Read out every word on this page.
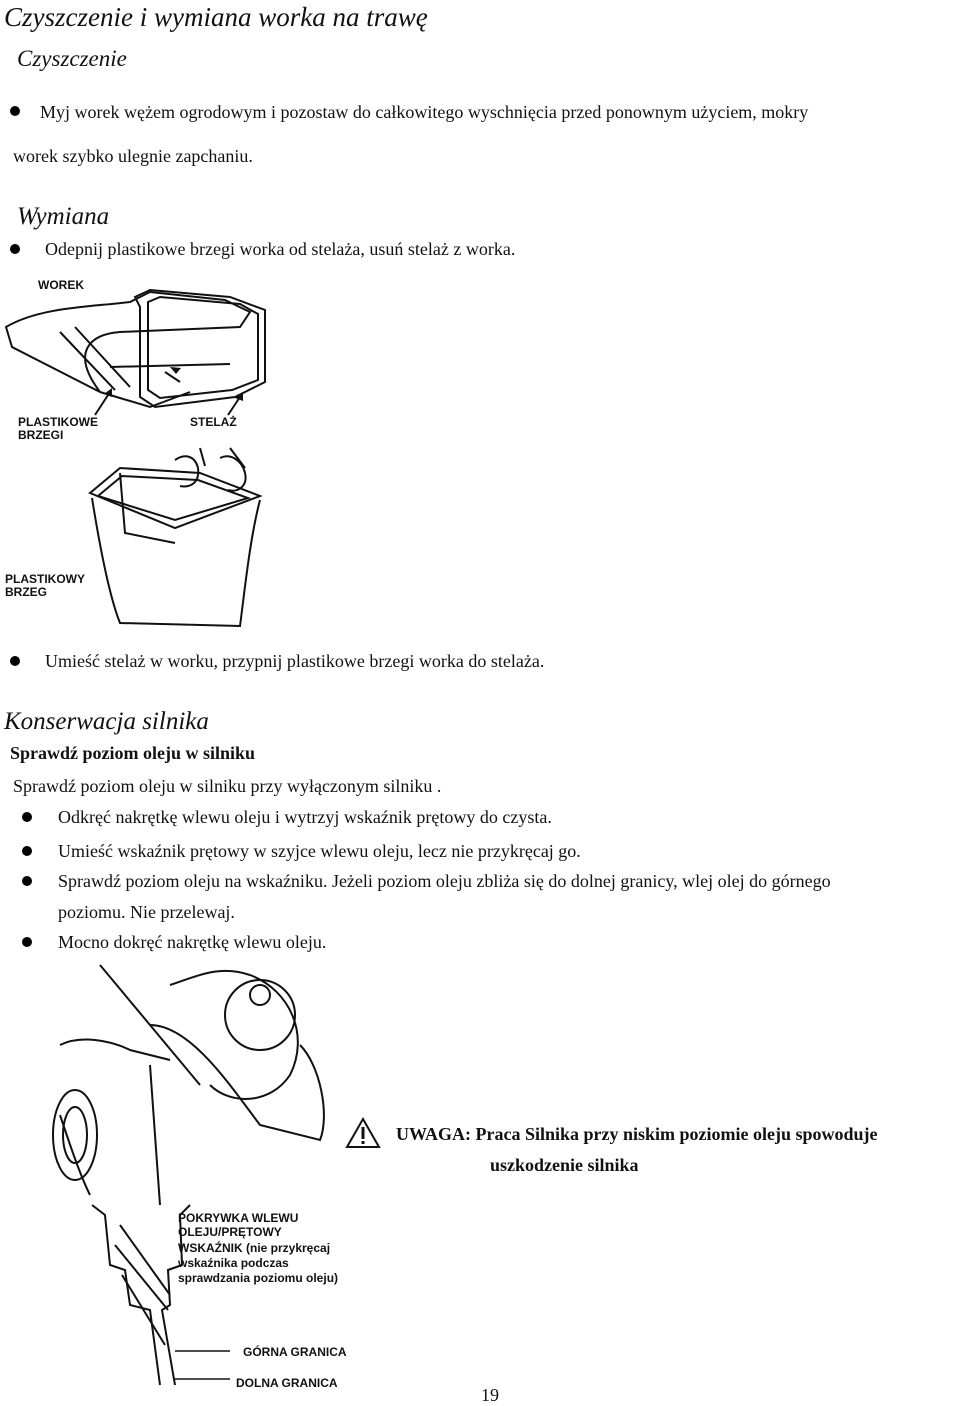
Czyszczenie i wymiana worka na trawę
Czyszczenie
Myj worek wężem ogrodowym i pozostaw do całkowitego wyschnięcia przed ponownym użyciem, mokry
worek szybko ulegnie zapchaniu.
Wymiana
Odepnij plastikowe brzegi worka od stelaża, usuń stelaż z worka.
WOREK
PLASTIKOWE
BRZEGI
STELAŻ
PLASTIKOWY
BRZEG
Umieść stelaż w worku, przypnij plastikowe brzegi worka do stelaża.
Konserwacja silnika
Sprawdź poziom oleju w silniku
Sprawdź poziom oleju w silniku przy wyłączonym silniku .
Odkręć nakrętkę wlewu oleju i wytrzyj wskaźnik prętowy do czysta.
Umieść wskaźnik prętowy w szyjce wlewu oleju, lecz nie przykręcaj go.
Sprawdź poziom oleju na wskaźniku. Jeżeli poziom oleju zbliża się do dolnej granicy, wlej olej do górnego
poziomu. Nie przelewaj.
Mocno dokręć nakrętkę wlewu oleju.
POKRYWKA WLEWU
OLEJU/PRĘTOWY
WSKAŹNIK (nie przykręcaj
wskaźnika podczas
sprawdzania poziomu oleju)
GÓRNA GRANICA
DOLNA GRANICA
UWAGA: Praca Silnika przy niskim poziomie oleju spowoduje
uszkodzenie silnika
19
